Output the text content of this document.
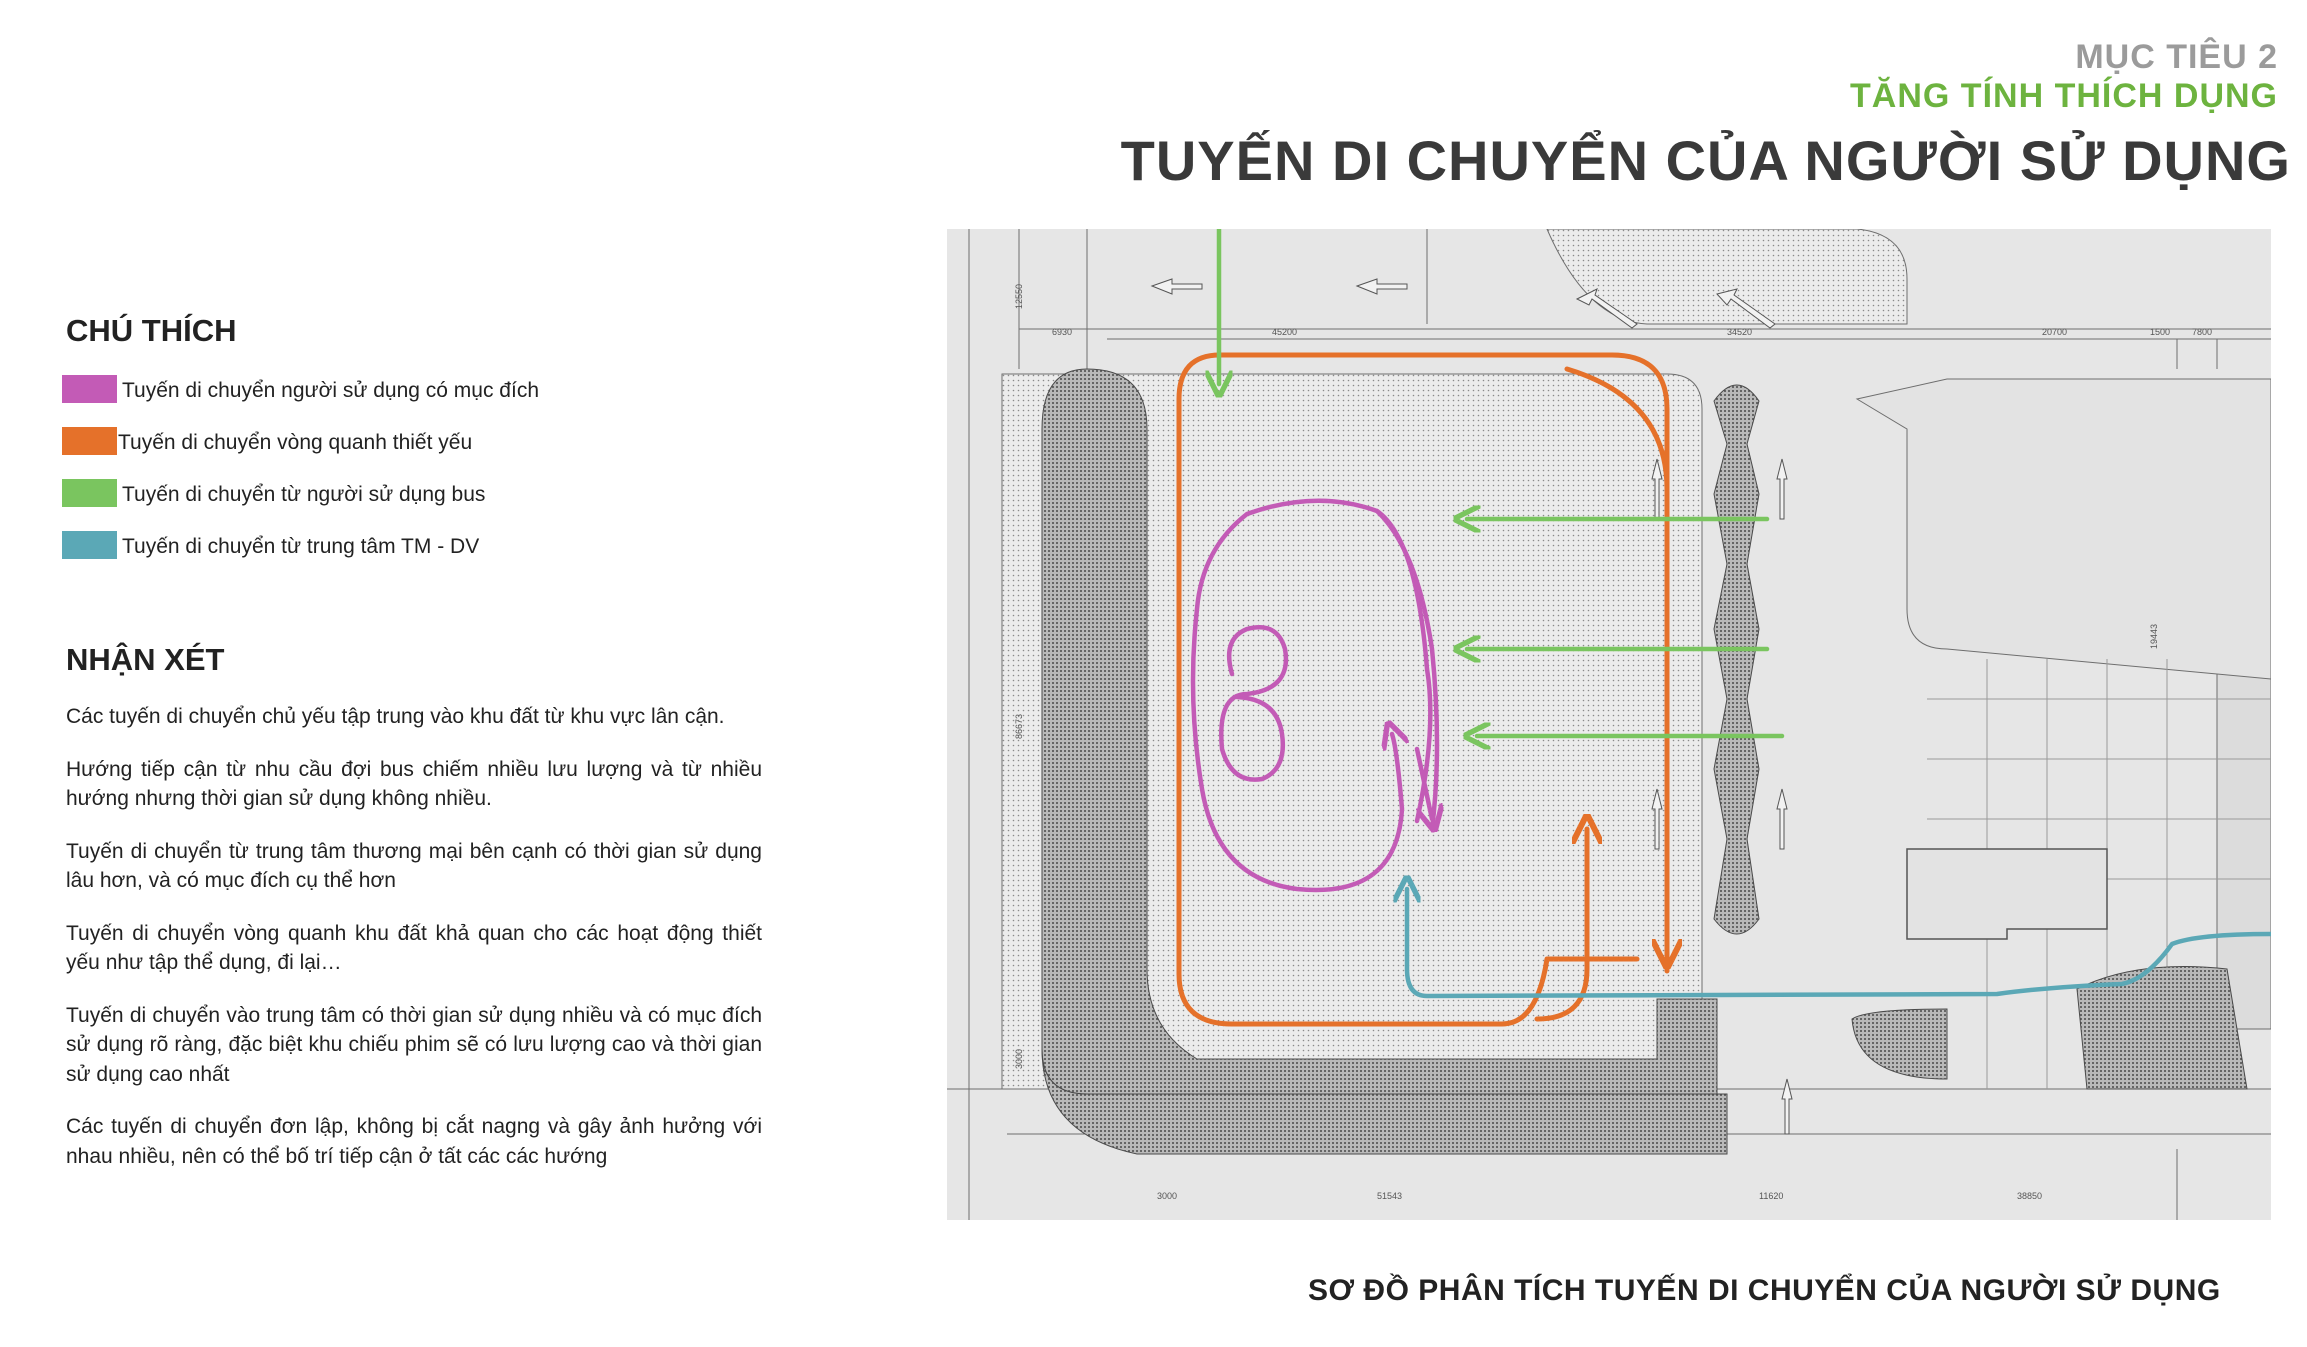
MỤC TIÊU 2
TĂNG TÍNH THÍCH DỤNG
TUYẾN DI CHUYỂN CỦA NGƯỜI SỬ DỤNG
CHÚ THÍCH
Tuyến di chuyển người sử dụng có mục đích
Tuyến di chuyển vòng quanh thiết yếu
Tuyến di chuyển từ người sử dụng bus
Tuyến di chuyển từ trung tâm TM - DV
NHẬN XÉT

Các tuyến di chuyển chủ yếu tập trung vào khu đất từ khu vực lân cận.

Hướng tiếp cận từ nhu cầu đợi bus chiếm nhiều lưu lượng và từ nhiều hướng nhưng thời gian sử dụng không nhiều.

Tuyến di chuyển từ trung tâm thương mại bên cạnh có thời gian sử dụng lâu hơn, và có mục đích cụ thể hơn

Tuyến di chuyển vòng quanh khu đất khả quan cho các hoạt động thiết yếu như tập thể dụng, đi lại…

Tuyến di chuyển vào trung tâm có thời gian sử dụng nhiều và có mục đích sử dụng rõ ràng, đặc biệt khu chiếu phim sẽ có lưu lượng cao và thời gian sử dụng cao nhất

Các tuyến di chuyển đơn lập, không bị cắt nagng và gây ảnh hưởng với nhau nhiều, nên có thể bố trí tiếp cận ở tất các các hướng

6930	45200	34520	20700	1500 7800
3000	51543	11620	38850
12550
86673
3000
19443
SƠ ĐỒ PHÂN TÍCH TUYẾN DI CHUYỂN CỦA NGƯỜI SỬ DỤNG
